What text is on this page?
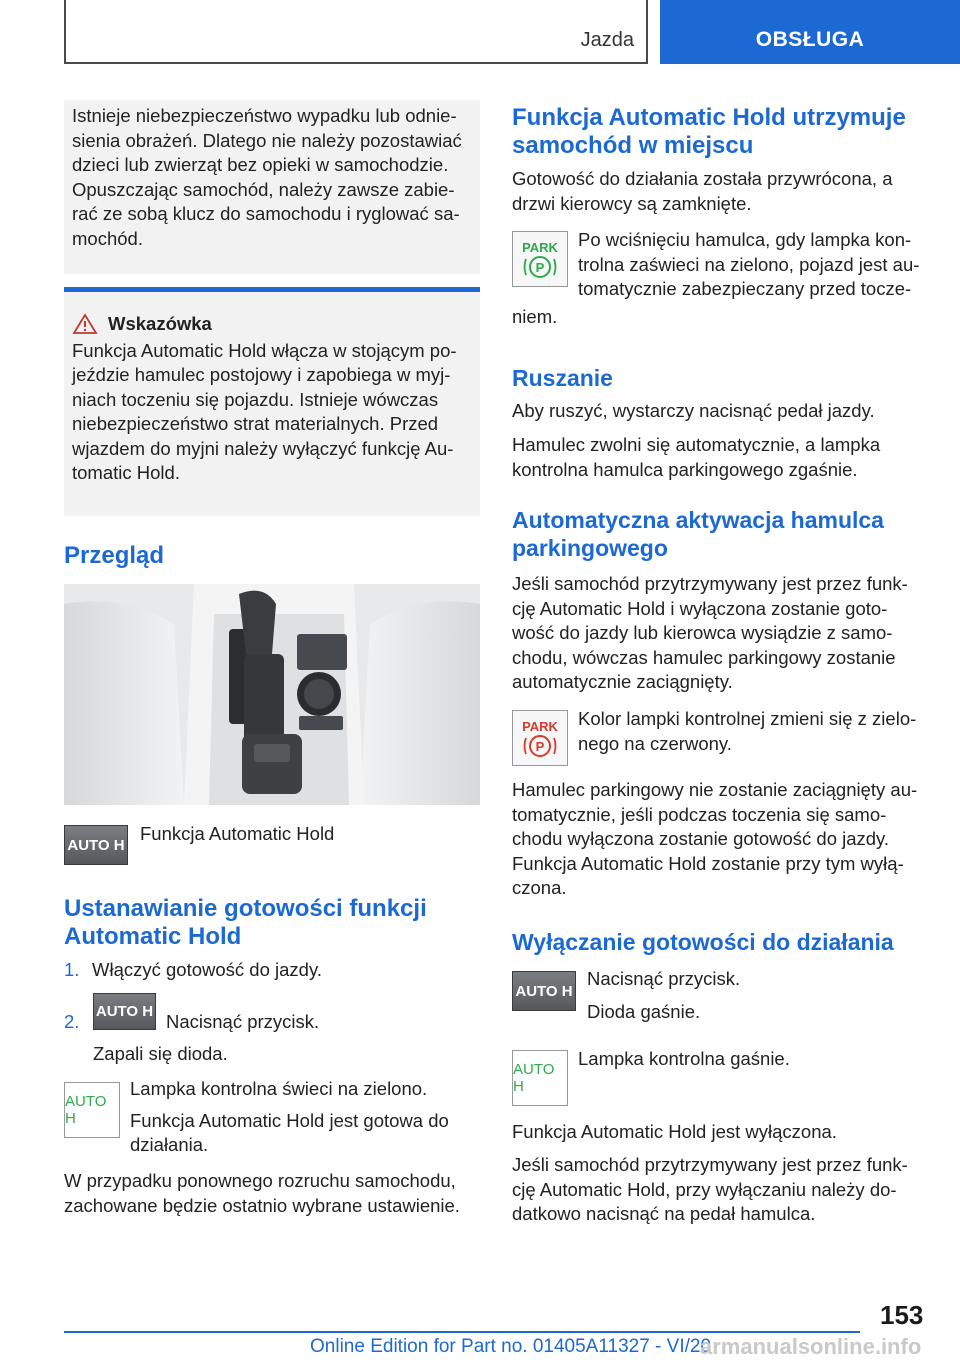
Jazda	OBSŁUGA
Istnieje niebezpieczeństwo wypadku lub odnie-
sienia obrażeń. Dlatego nie należy pozostawiać
dzieci lub zwierząt bez opieki w samochodzie.
Opuszczając samochód, należy zawsze zabie-
rać ze sobą klucz do samochodu i ryglować sa-
mochód.
Wskazówka
Funkcja Automatic Hold włącza w stojącym po-
jeździe hamulec postojowy i zapobiega w myj-
niach toczeniu się pojazdu. Istnieje wówczas
niebezpieczeństwo strat materialnych. Przed
wjazdem do myjni należy wyłączyć funkcję Au-
tomatic Hold.
Przegląd
AUTO H
Funkcja Automatic Hold
Ustanawianie gotowości funkcji
Automatic Hold
1. Włączyć gotowość do jazdy.
2. AUTO H Nacisnąć przycisk.
Zapali się dioda.
AUTO H
Lampka kontrolna świeci na zielono.
Funkcja Automatic Hold jest gotowa do
działania.
W przypadku ponownego rozruchu samochodu,
zachowane będzie ostatnio wybrane ustawienie.
Funkcja Automatic Hold utrzymuje
samochód w miejscu
Gotowość do działania została przywrócona, a
drzwi kierowcy są zamknięte.
PARK
P
Po wciśnięciu hamulca, gdy lampka kon-
trolna zaświeci na zielono, pojazd jest au-
tomatycznie zabezpieczany przed tocze-
niem.
Ruszanie
Aby ruszyć, wystarczy nacisnąć pedał jazdy.
Hamulec zwolni się automatycznie, a lampka
kontrolna hamulca parkingowego zgaśnie.
Automatyczna aktywacja hamulca
parkingowego
Jeśli samochód przytrzymywany jest przez funk-
cję Automatic Hold i wyłączona zostanie goto-
wość do jazdy lub kierowca wysiądzie z samo-
chodu, wówczas hamulec parkingowy zostanie
automatycznie zaciągnięty.
PARK
P
Kolor lampki kontrolnej zmieni się z zielo-
nego na czerwony.
Hamulec parkingowy nie zostanie zaciągnięty au-
tomatycznie, jeśli podczas toczenia się samo-
chodu wyłączona zostanie gotowość do jazdy.
Funkcja Automatic Hold zostanie przy tym wyłą-
czona.
Wyłączanie gotowości do działania
AUTO H
Nacisnąć przycisk.
Dioda gaśnie.
AUTO H
Lampka kontrolna gaśnie.
Funkcja Automatic Hold jest wyłączona.
Jeśli samochód przytrzymywany jest przez funk-
cję Automatic Hold, przy wyłączaniu należy do-
datkowo nacisnąć na pedał hamulca.
153
Online Edition for Part no. 01405A11327 - VI/20
armanualsonline.info
